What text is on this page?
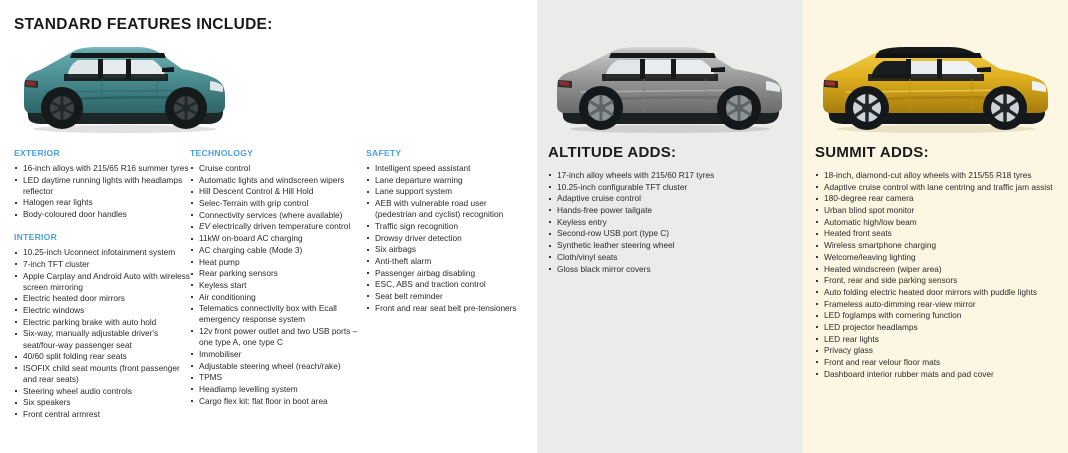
STANDARD FEATURES INCLUDE:
EXTERIOR
16-inch alloys with 215/65 R16 summer tyres
LED daytime running lights with headlamps reflector
Halogen rear lights
Body-coloured door handles
INTERIOR
10.25-inch Uconnect infotainment system
7-inch TFT cluster
Apple Carplay and Android Auto with wireless screen mirroring
Electric heated door mirrors
Electric windows
Electric parking brake with auto hold
Six-way, manually adjustable driver's seat/four-way passenger seat
40/60 split folding rear seats
ISOFIX child seat mounts (front passenger and rear seats)
Steering wheel audio controls
Six speakers
Front central armrest
TECHNOLOGY
Cruise control
Automatic lights and windscreen wipers
Hill Descent Control & Hill Hold
Selec-Terrain with grip control
Connectivity services (where available)
EV electrically driven temperature control
11kW on-board AC charging
AC charging cable (Mode 3)
Heat pump
Rear parking sensors
Keyless start
Air conditioning
Telematics connectivity box with Ecall emergency response system
12v front power outlet and two USB ports – one type A, one type C
Immobiliser
Adjustable steering wheel (reach/rake)
TPMS
Headlamp levelling system
Cargo flex kit: flat floor in boot area
SAFETY
Intelligent speed assistant
Lane departure warning
Lane support system
AEB with vulnerable road user (pedestrian and cyclist) recognition
Traffic sign recognition
Drowsy driver detection
Six airbags
Anti-theft alarm
Passenger airbag disabling
ESC, ABS and traction control
Seat belt reminder
Front and rear seat belt pre-tensioners
ALTITUDE ADDS:
17-inch alloy wheels with 215/60 R17 tyres
10.25-inch configurable TFT cluster
Adaptive cruise control
Hands-free power tailgate
Keyless entry
Second-row USB port (type C)
Synthetic leather steering wheel
Cloth/vinyl seats
Gloss black mirror covers
SUMMIT ADDS:
18-inch, diamond-cut alloy wheels with 215/55 R18 tyres
Adaptive cruise control with lane centring and traffic jam assist
180-degree rear camera
Urban blind spot monitor
Automatic high/low beam
Heated front seats
Wireless smartphone charging
Welcome/leaving lighting
Heated windscreen (wiper area)
Front, rear and side parking sensors
Auto folding electric heated door mirrors with puddle lights
Frameless auto-dimming rear-view mirror
LED foglamps with cornering function
LED projector headlamps
LED rear lights
Privacy glass
Front and rear velour floor mats
Dashboard interior rubber mats and pad cover
